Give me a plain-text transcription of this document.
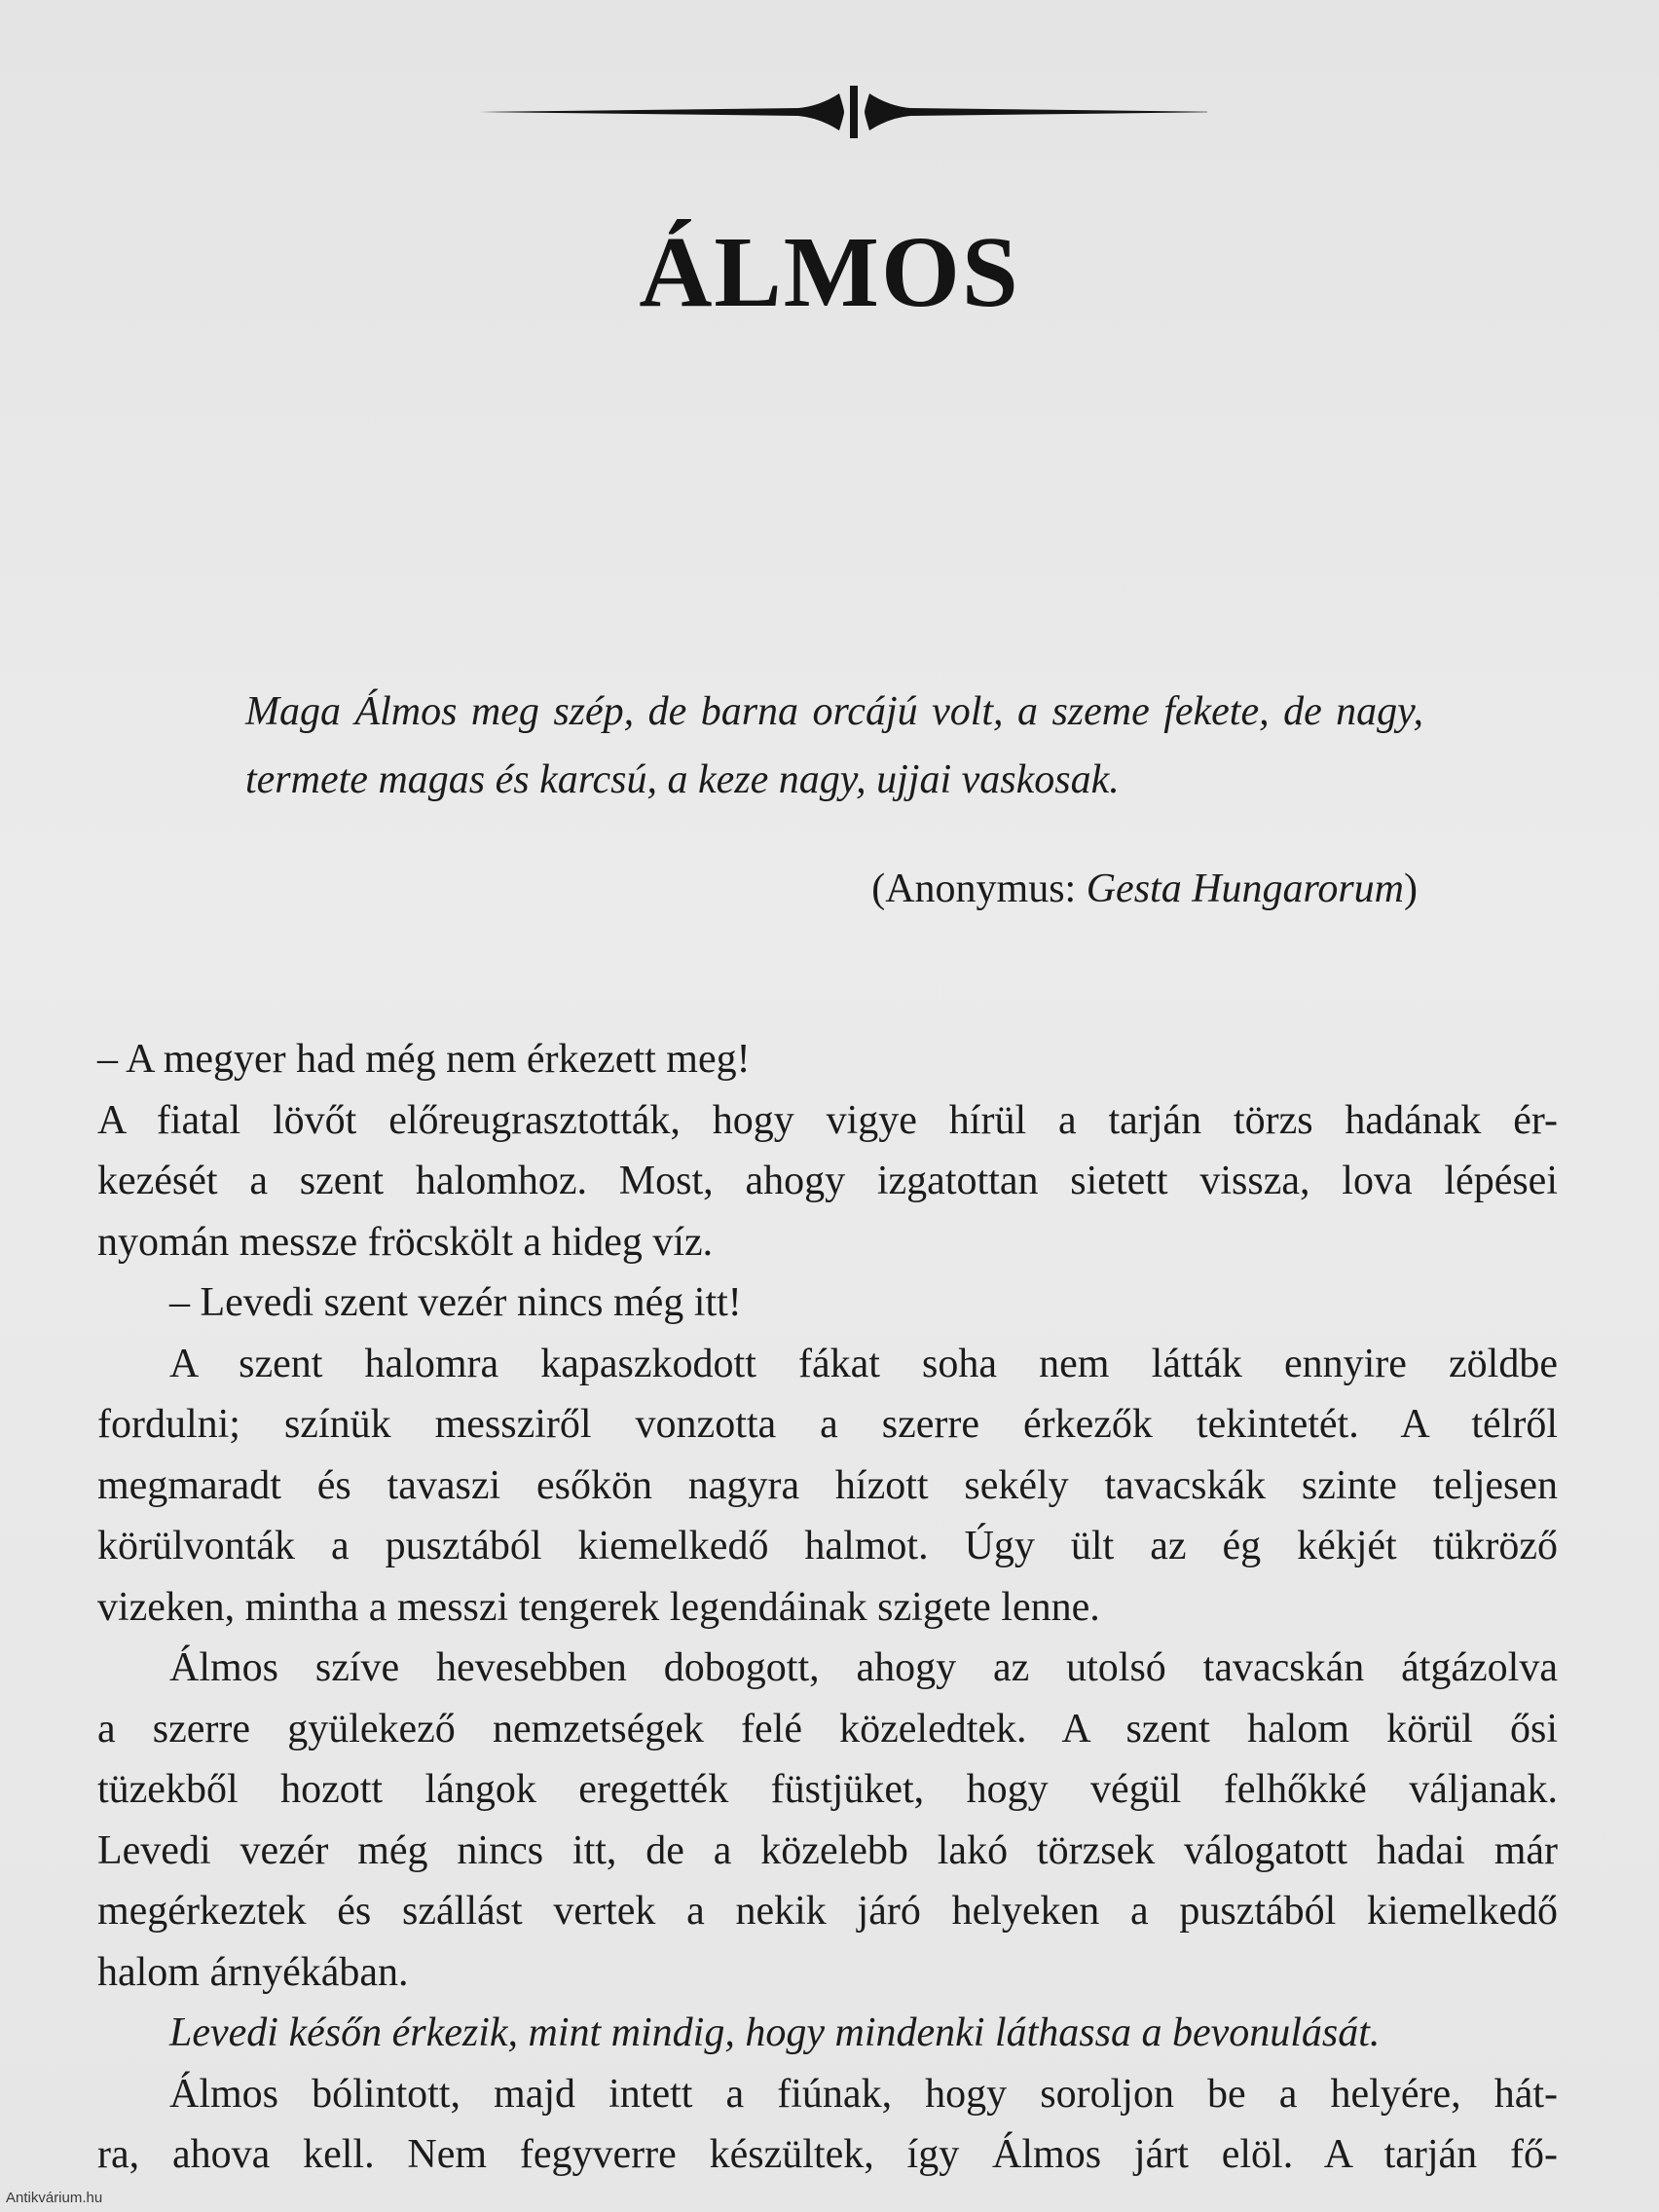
ÁLMOS
Maga Álmos meg szép, de barna orcájú volt, a szeme fekete, de nagy, termete magas és karcsú, a keze nagy, ujjai vaskosak.
(Anonymus: Gesta Hungarorum)

– A megyer had még nem érkezett meg!

A fiatal lövőt előreugrasztották, hogy vigye hírül a tarján törzs hadának ér-
kezését a szent halomhoz. Most, ahogy izgatottan sietett vissza, lova lépései
nyomán messze fröcskölt a hideg víz.

– Levedi szent vezér nincs még itt!

A szent halomra kapaszkodott fákat soha nem látták ennyire zöldbe
fordulni; színük messziről vonzotta a szerre érkezők tekintetét. A télről
megmaradt és tavaszi esőkön nagyra hízott sekély tavacskák szinte teljesen
körülvonták a pusztából kiemelkedő halmot. Úgy ült az ég kékjét tükröző
vizeken, mintha a messzi tengerek legendáinak szigete lenne.

Álmos szíve hevesebben dobogott, ahogy az utolsó tavacskán átgázolva
a szerre gyülekező nemzetségek felé közeledtek. A szent halom körül ősi
tüzekből hozott lángok eregették füstjüket, hogy végül felhőkké váljanak.
Levedi vezér még nincs itt, de a közelebb lakó törzsek válogatott hadai már
megérkeztek és szállást vertek a nekik járó helyeken a pusztából kiemelkedő
halom árnyékában.

Levedi későn érkezik, mint mindig, hogy mindenki láthassa a bevonulását.

Álmos bólintott, majd intett a fiúnak, hogy soroljon be a helyére, hát-
ra, ahova kell. Nem fegyverre készültek, így Álmos járt elöl. A tarján fő-

Antikvárium.hu
